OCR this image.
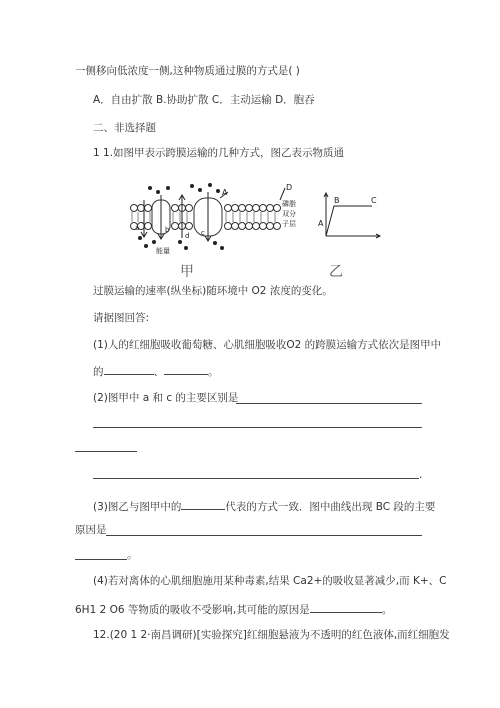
一侧移向低浓度一侧,这种物质通过膜的方式是( )
A．自由扩散 B.协助扩散 C．主动运输 D．胞吞
二、非选择题
1 1.如图甲表示跨膜运输的几种方式，图乙表示物质通
A
D
a	b	c
d
能量
磷脂
双分
子层	A
B	C
甲	乙
过膜运输的速率(纵坐标)随环境中 O2 浓度的变化。
请据图回答:
(1)人的红细胞吸收葡萄糖、心肌细胞吸收O2 的跨膜运输方式依次是图甲中
的	、	。
(2)图甲中 a 和 c 的主要区别是
.
(3)图乙与图甲中的	代表的方式一致．图中曲线出现 BC 段的主要
原因是
。
(4)若对离体的心肌细胞施用某种毒素,结果 Ca2+的吸收显著减少,而 K+、C
6H1 2 O6 等物质的吸收不受影响,其可能的原因是	。
12.(20 1 2·南昌调研)[实验探究]红细胞悬液为不透明的红色液体,而红细胞发
